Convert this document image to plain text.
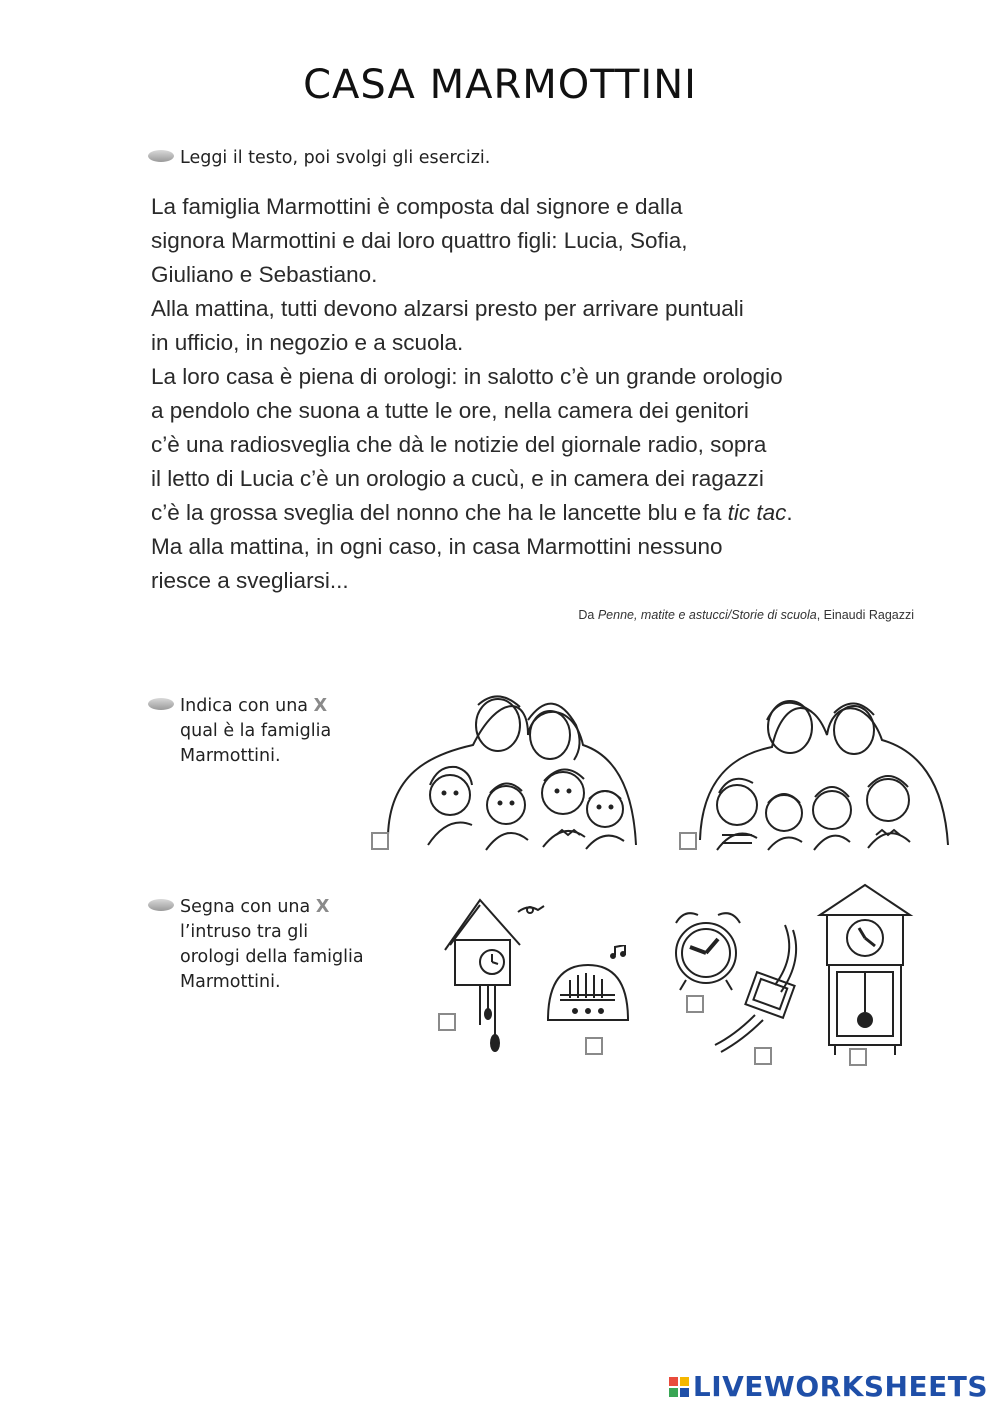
CASA MARMOTTINI
Leggi il testo, poi svolgi gli esercizi.

La famiglia Marmottini è composta dal signore e dalla

signora Marmottini e dai loro quattro figli: Lucia, Sofia,

Giuliano e Sebastiano.

Alla mattina, tutti devono alzarsi presto per arrivare puntuali

in ufficio, in negozio e a scuola.

La loro casa è piena di orologi: in salotto c’è un grande orologio

a pendolo che suona a tutte le ore, nella camera dei genitori

c’è una radiosveglia che dà le notizie del giornale radio, sopra

il letto di Lucia c’è un orologio a cucù, e in camera dei ragazzi

c’è la grossa sveglia del nonno che ha le lancette blu e fa tic tac.

Ma alla mattina, in ogni caso, in casa Marmottini nessuno

riesce a svegliarsi...

Da Penne, matite e astucci/Storie di scuola, Einaudi Ragazzi
Indica con una X
qual è la famiglia
Marmottini.
Segna con una X
l’intruso tra gli
orologi della famiglia
Marmottini.
LIVEWORKSHEETS
